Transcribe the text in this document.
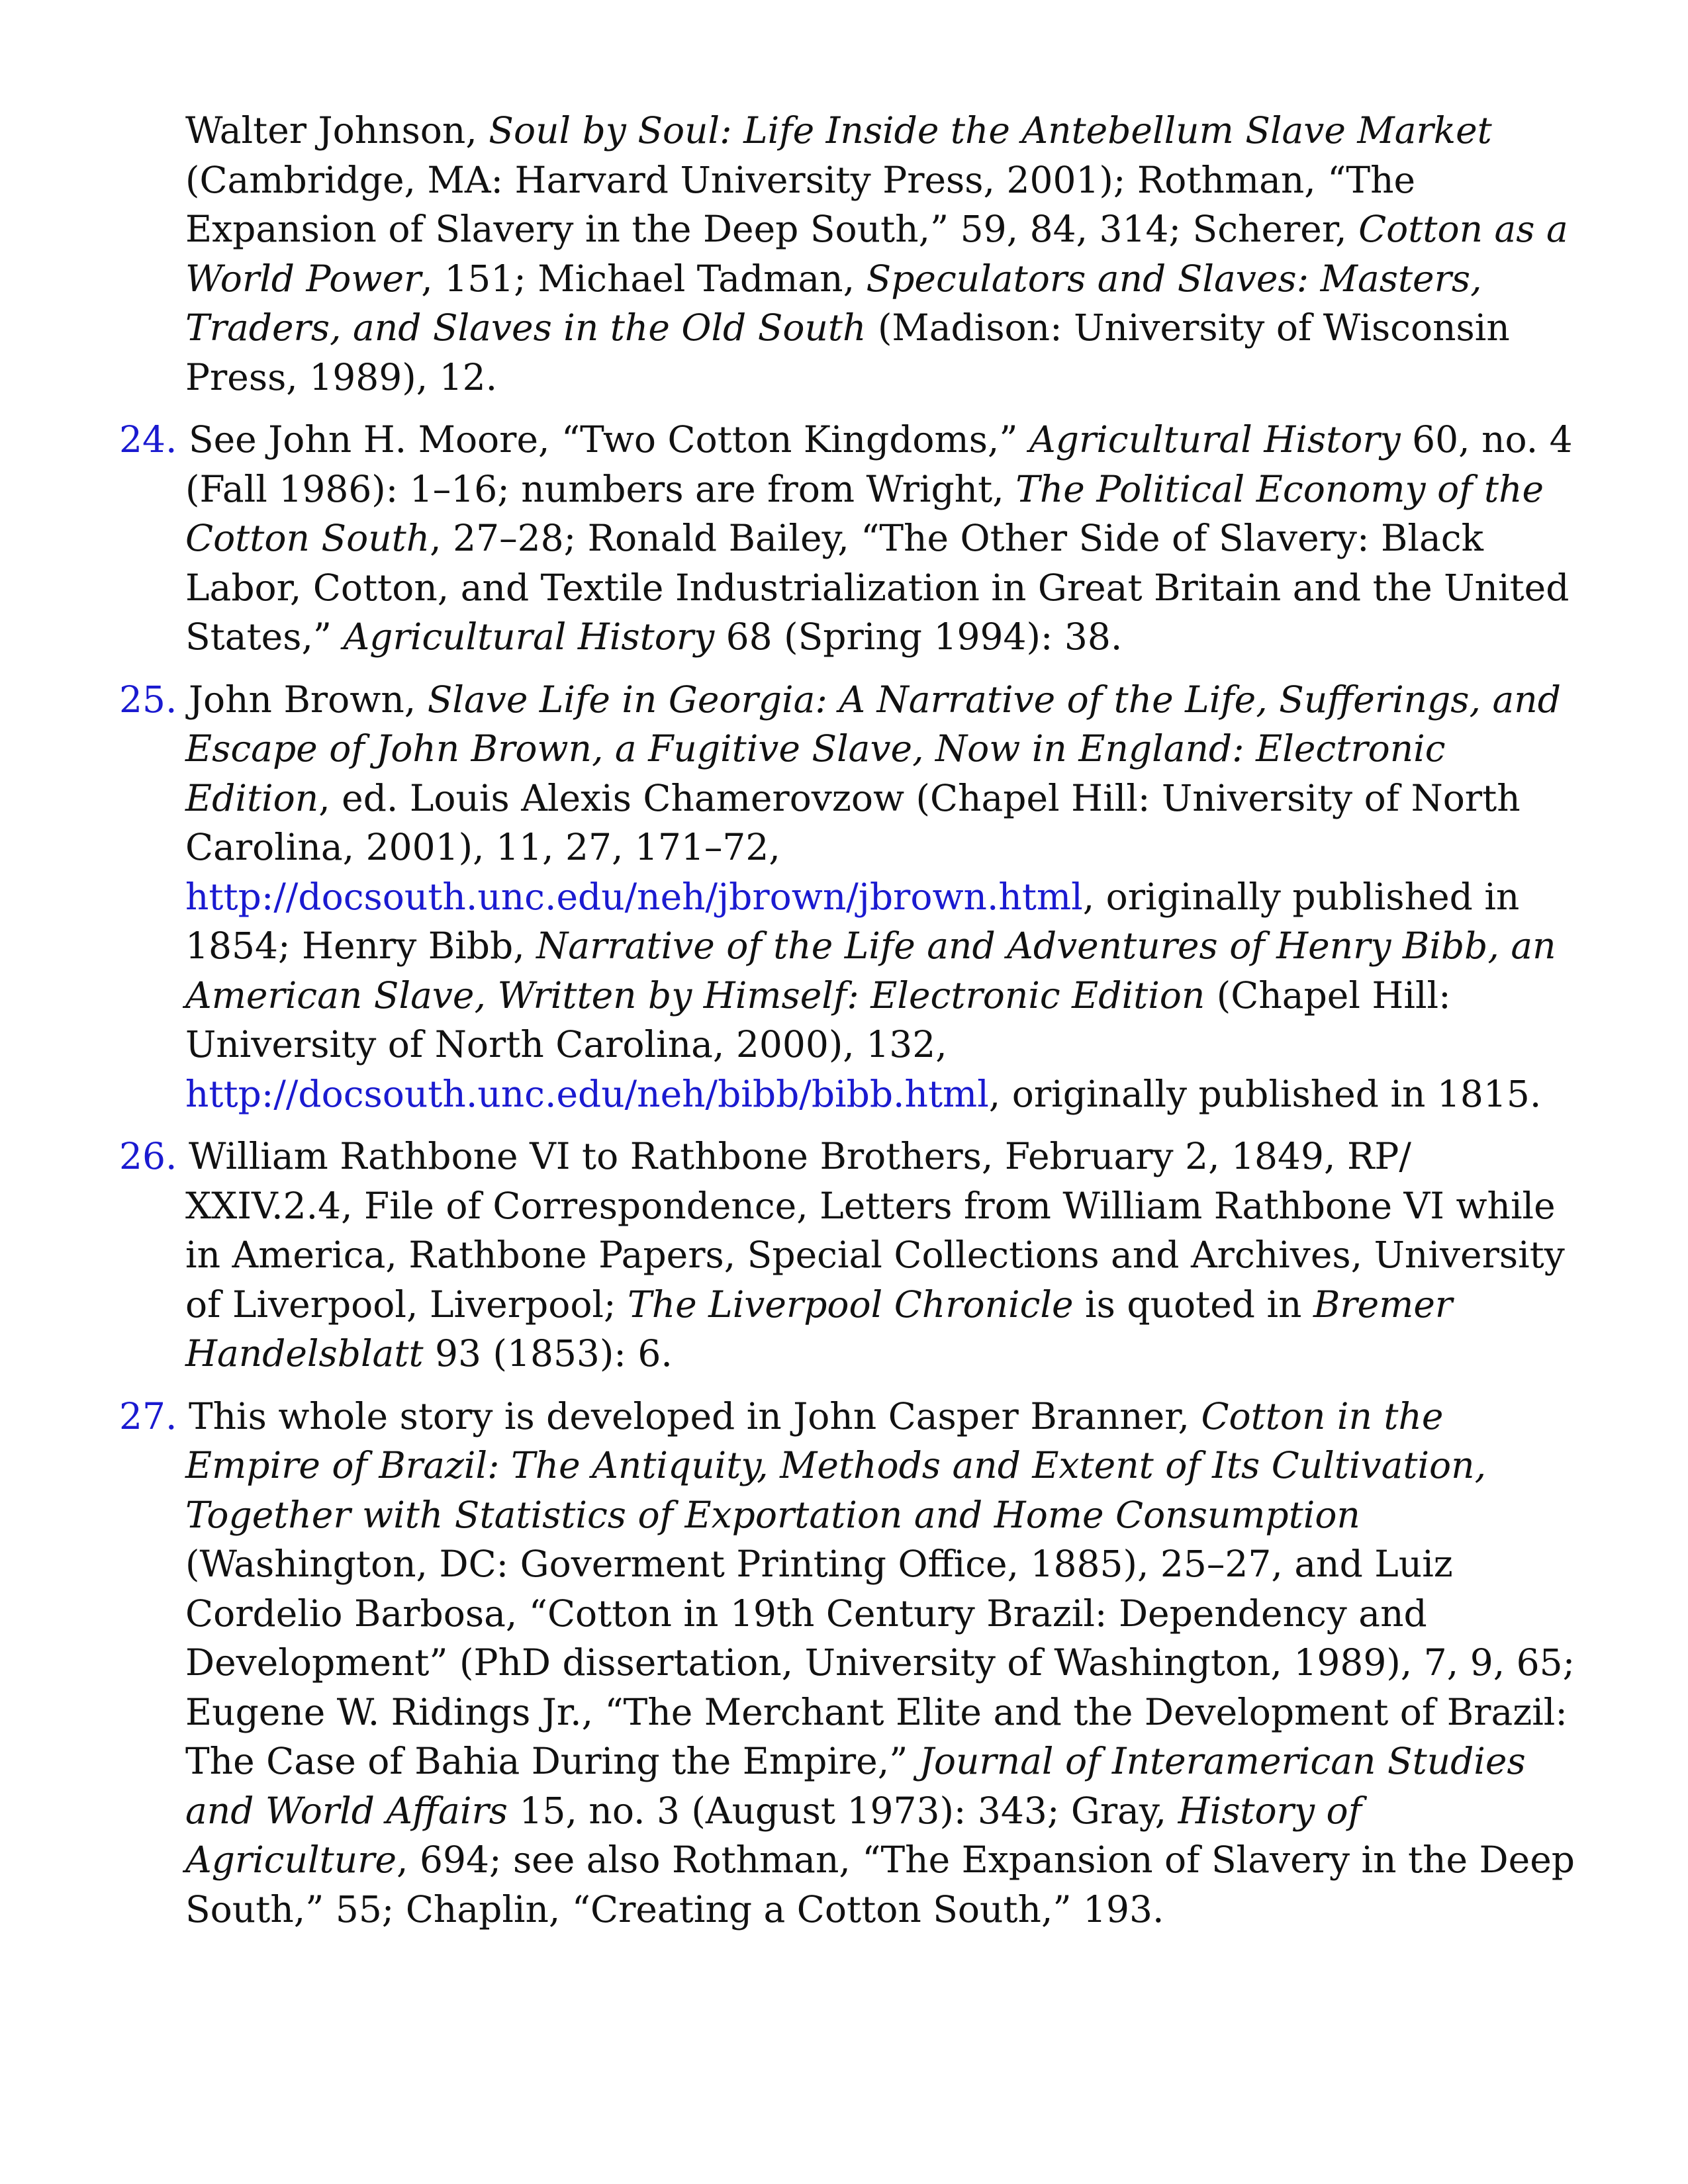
Walter Johnson, Soul by Soul: Life Inside the Antebellum Slave Market (Cambridge, MA: Harvard University Press, 2001); Rothman, “The Expansion of Slavery in the Deep South,” 59, 84, 314; Scherer, Cotton as a World Power, 151; Michael Tadman, Speculators and Slaves: Masters, Traders, and Slaves in the Old South (Madison: University of Wisconsin Press, 1989), 12.

24. See John H. Moore, “Two Cotton Kingdoms,” Agricultural History 60, no. 4 (Fall 1986): 1–16; numbers are from Wright, The Political Economy of the Cotton South, 27–28; Ronald Bailey, “The Other Side of Slavery: Black Labor, Cotton, and Textile Industrialization in Great Britain and the United States,” Agricultural History 68 (Spring 1994): 38.

25. John Brown, Slave Life in Georgia: A Narrative of the Life, Sufferings, and Escape of John Brown, a Fugitive Slave, Now in England: Electronic Edition, ed. Louis Alexis Chamerovzow (Chapel Hill: University of North Carolina, 2001), 11, 27, 171–72, http://docsouth.unc.edu/neh/jbrown/jbrown.html, originally published in 1854; Henry Bibb, Narrative of the Life and Adventures of Henry Bibb, an American Slave, Written by Himself: Electronic Edition (Chapel Hill: University of North Carolina, 2000), 132, http://docsouth.unc.edu/neh/bibb/bibb.html, originally published in 1815.

26. William Rathbone VI to Rathbone Brothers, February 2, 1849, RP/ XXIV.2.4, File of Correspondence, Letters from William Rathbone VI while in America, Rathbone Papers, Special Collections and Archives, University of Liverpool, Liverpool; The Liverpool Chronicle is quoted in Bremer Handelsblatt 93 (1853): 6.

27. This whole story is developed in John Casper Branner, Cotton in the Empire of Brazil: The Antiquity, Methods and Extent of Its Cultivation, Together with Statistics of Exportation and Home Consumption (Washington, DC: Goverment Printing Office, 1885), 25–27, and Luiz Cordelio Barbosa, “Cotton in 19th Century Brazil: Dependency and Development” (PhD dissertation, University of Washington, 1989), 7, 9, 65; Eugene W. Ridings Jr., “The Merchant Elite and the Development of Brazil: The Case of Bahia During the Empire,” Journal of Interamerican Studies and World Affairs 15, no. 3 (August 1973): 343; Gray, History of Agriculture, 694; see also Rothman, “The Expansion of Slavery in the Deep South,” 55; Chaplin, “Creating a Cotton South,” 193.
